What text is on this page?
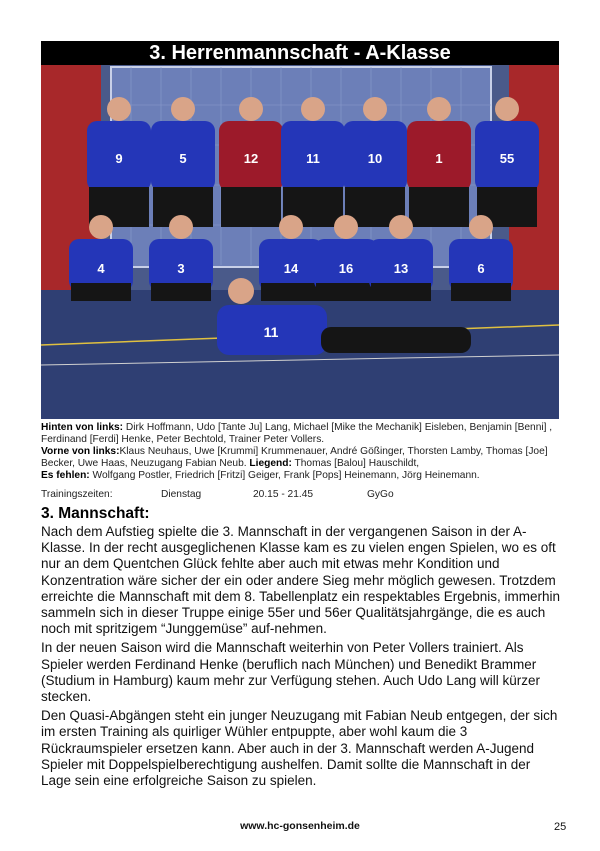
3. Herrenmannschaft - A-Klasse
9	5	12	11	10	1	55
4	3	14	16	13	6
11
Hinten von links: Dirk Hoffmann, Udo [Tante Ju] Lang, Michael [Mike the Mechanik] Eisleben, Benjamin [Benni] , Ferdinand [Ferdi] Henke, Peter Bechtold, Trainer Peter Vollers.
Vorne von links:Klaus Neuhaus, Uwe [Krummi] Krummenauer, André Gößinger, Thorsten Lamby, Thomas [Joe] Becker, Uwe Haas, Neuzugang Fabian Neub. Liegend: Thomas [Balou] Hauschildt,
Es fehlen: Wolfgang Postler, Friedrich [Fritzi] Geiger, Frank [Pops] Heinemann, Jörg Heinemann.
Trainingszeiten:	Dienstag	20.15 - 21.45	GyGo
3. Mannschaft:

Nach dem Aufstieg spielte die 3. Mannschaft in der vergangenen Saison in der A-Klasse. In der recht ausgeglichenen Klasse kam es zu vielen engen Spielen, wo es oft nur an dem Quentchen Glück fehlte aber auch mit etwas mehr Kondition und Konzentration wäre sicher der ein oder andere Sieg mehr möglich gewesen. Trotzdem erreichte die Mannschaft mit dem 8. Tabellenplatz ein respektables Ergebnis, immerhin sammeln sich in dieser Truppe einige 55er und 56er Qualitätsjahrgänge, die es auch noch mit spritzigem “Junggemüse” auf-nehmen.

In der neuen Saison wird die Mannschaft weiterhin von Peter Vollers trainiert. Als Spieler werden Ferdinand Henke (beruflich nach München) und Benedikt Brammer (Studium in Hamburg) kaum mehr zur Verfügung stehen. Auch Udo Lang will kürzer stecken.

Den Quasi-Abgängen steht ein junger Neuzugang mit Fabian Neub entgegen, der sich im ersten Training als quirliger Wühler entpuppte, aber wohl kaum die 3 Rückraumspieler ersetzen kann. Aber auch in der 3. Mannschaft werden A-Jugend Spieler mit Doppelspielberechtigung aushelfen. Damit sollte die Mannschaft in der Lage sein eine erfolgreiche Saison zu spielen.

www.hc-gonsenheim.de	25
